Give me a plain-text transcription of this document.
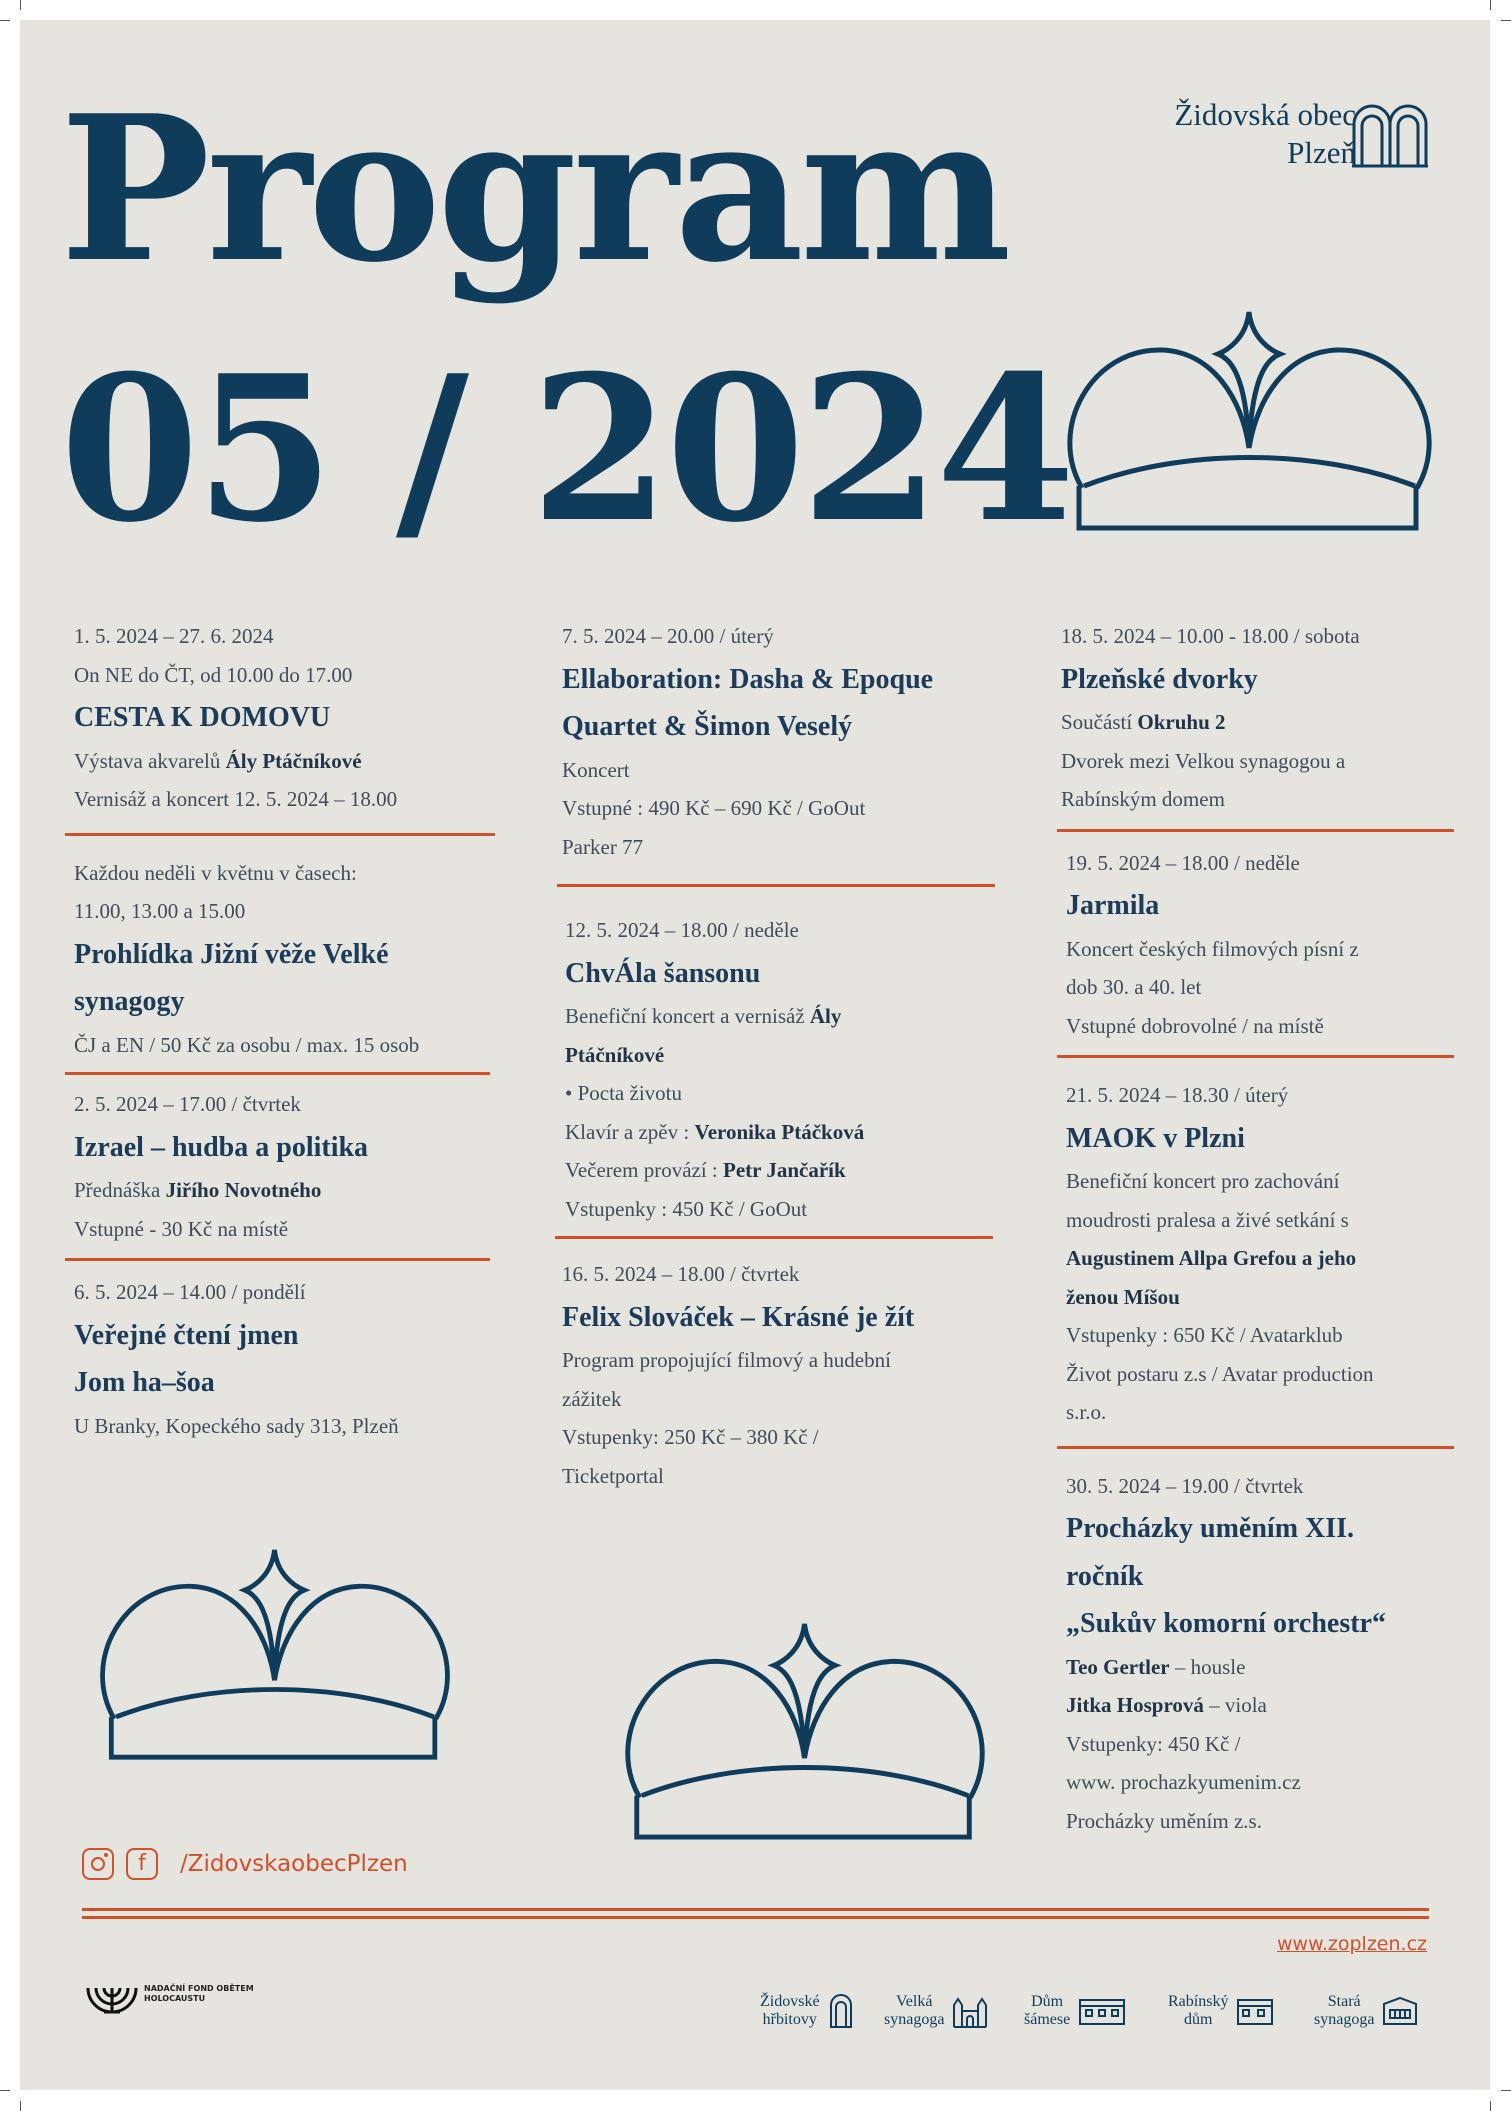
Program
05 / 2024
Židovská obec
Plzeň
1. 5. 2024 – 27. 6. 2024
On NE do ČT, od 10.00 do 17.00
CESTA K DOMOVU
Výstava akvarelů Ály Ptáčníkové
Vernisáž a koncert 12. 5. 2024 – 18.00
Každou neděli v květnu v časech:
11.00, 13.00 a 15.00
Prohlídka Jižní věže Velké
synagogy
ČJ a EN / 50 Kč za osobu / max. 15 osob
2. 5. 2024 – 17.00 / čtvrtek
Izrael – hudba a politika
Přednáška Jiřího Novotného
Vstupné - 30 Kč na místě
6. 5. 2024 – 14.00 / pondělí
Veřejné čtení jmen
Jom ha–šoa
U Branky, Kopeckého sady 313, Plzeň
7. 5. 2024 – 20.00 / úterý
Ellaboration: Dasha & Epoque
Quartet & Šimon Veselý
Koncert
Vstupné : 490 Kč – 690 Kč / GoOut
Parker 77
12. 5. 2024 – 18.00 / neděle
ChvÁla šansonu
Benefiční koncert a vernisáž Ály
Ptáčníkové
• Pocta životu
Klavír a zpěv : Veronika Ptáčková
Večerem provází : Petr Jančařík
Vstupenky : 450 Kč / GoOut
16. 5. 2024 – 18.00 / čtvrtek
Felix Slováček – Krásné je žít
Program propojující filmový a hudební
zážitek
Vstupenky: 250 Kč – 380 Kč /
Ticketportal
18. 5. 2024 – 10.00 - 18.00 / sobota
Plzeňské dvorky
Součástí Okruhu 2
Dvorek mezi Velkou synagogou a
Rabínským domem
19. 5. 2024 – 18.00 / neděle
Jarmila
Koncert českých filmových písní z
dob 30. a 40. let
Vstupné dobrovolné / na místě
21. 5. 2024 – 18.30 / úterý
MAOK v Plzni
Benefiční koncert pro zachování
moudrosti pralesa a živé setkání s
Augustinem Allpa Grefou a jeho
ženou Míšou
Vstupenky : 650 Kč / Avatarklub
Život postaru z.s / Avatar production
s.r.o.
30. 5. 2024 – 19.00 / čtvrtek
Procházky uměním XII.
ročník
„Sukův komorní orchestr“
Teo Gertler – housle
Jitka Hosprová – viola
Vstupenky: 450 Kč /
www. prochazkyumenim.cz
Procházky uměním z.s.
f	/ZidovskaobecPlzen
www.zoplzen.cz
NADAČNÍ FOND OBĚTEM
HOLOCAUSTU	Židovské
hřbitovy
Velká
synagoga
Dům
šámese
Rabínský
dům
Stará
synagoga
